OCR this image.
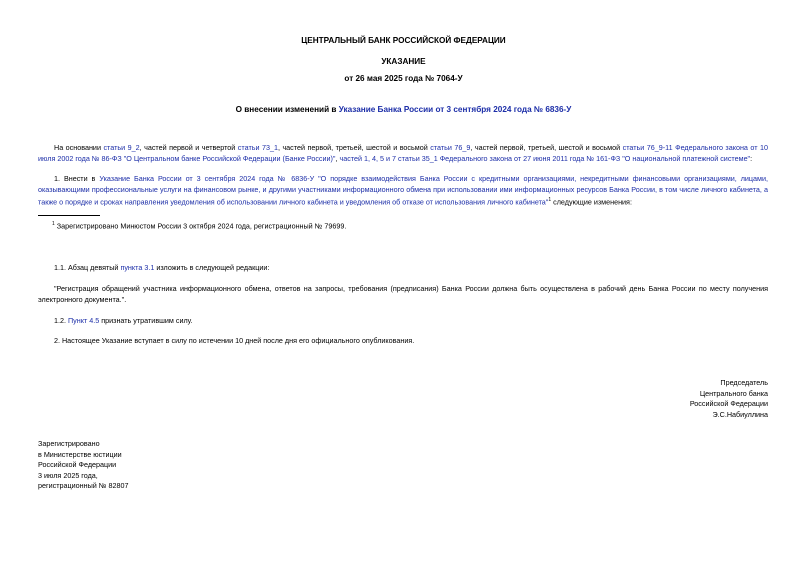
ЦЕНТРАЛЬНЫЙ БАНК РОССИЙСКОЙ ФЕДЕРАЦИИ
УКАЗАНИЕ
от 26 мая 2025 года № 7064-У
О внесении изменений в Указание Банка России от 3 сентября 2024 года № 6836-У
На основании статьи 9_2, частей первой и четвертой статьи 73_1, частей первой, третьей, шестой и восьмой статьи 76_9, частей первой, третьей, шестой и восьмой статьи 76_9-11 Федерального закона от 10 июля 2002 года № 86-ФЗ "О Центральном банке Российской Федерации (Банке России)", частей 1, 4, 5 и 7 статьи 35_1 Федерального закона от 27 июня 2011 года № 161-ФЗ "О национальной платежной системе":
1. Внести в Указание Банка России от 3 сентября 2024 года № 6836-У "О порядке взаимодействия Банка России с кредитными организациями, некредитными финансовыми организациями, лицами, оказывающими профессиональные услуги на финансовом рынке, и другими участниками информационного обмена при использовании ими информационных ресурсов Банка России, в том числе личного кабинета, а также о порядке и сроках направления уведомления об использовании личного кабинета и уведомления об отказе от использования личного кабинета"$^1$ следующие изменения:
$^1$ Зарегистрировано Минюстом России 3 октября 2024 года, регистрационный № 79699.
1.1. Абзац девятый пункта 3.1 изложить в следующей редакции:
"Регистрация обращений участника информационного обмена, ответов на запросы, требования (предписания) Банка России должна быть осуществлена в рабочий день Банка России по месту получения электронного документа.".
1.2. Пункт 4.5 признать утратившим силу.
2. Настоящее Указание вступает в силу по истечении 10 дней после дня его официального опубликования.
Председатель
Центрального банка
Российской Федерации
Э.С.Набиуллина
Зарегистрировано
в Министерстве юстиции
Российской Федерации
3 июля 2025 года,
регистрационный № 82807
